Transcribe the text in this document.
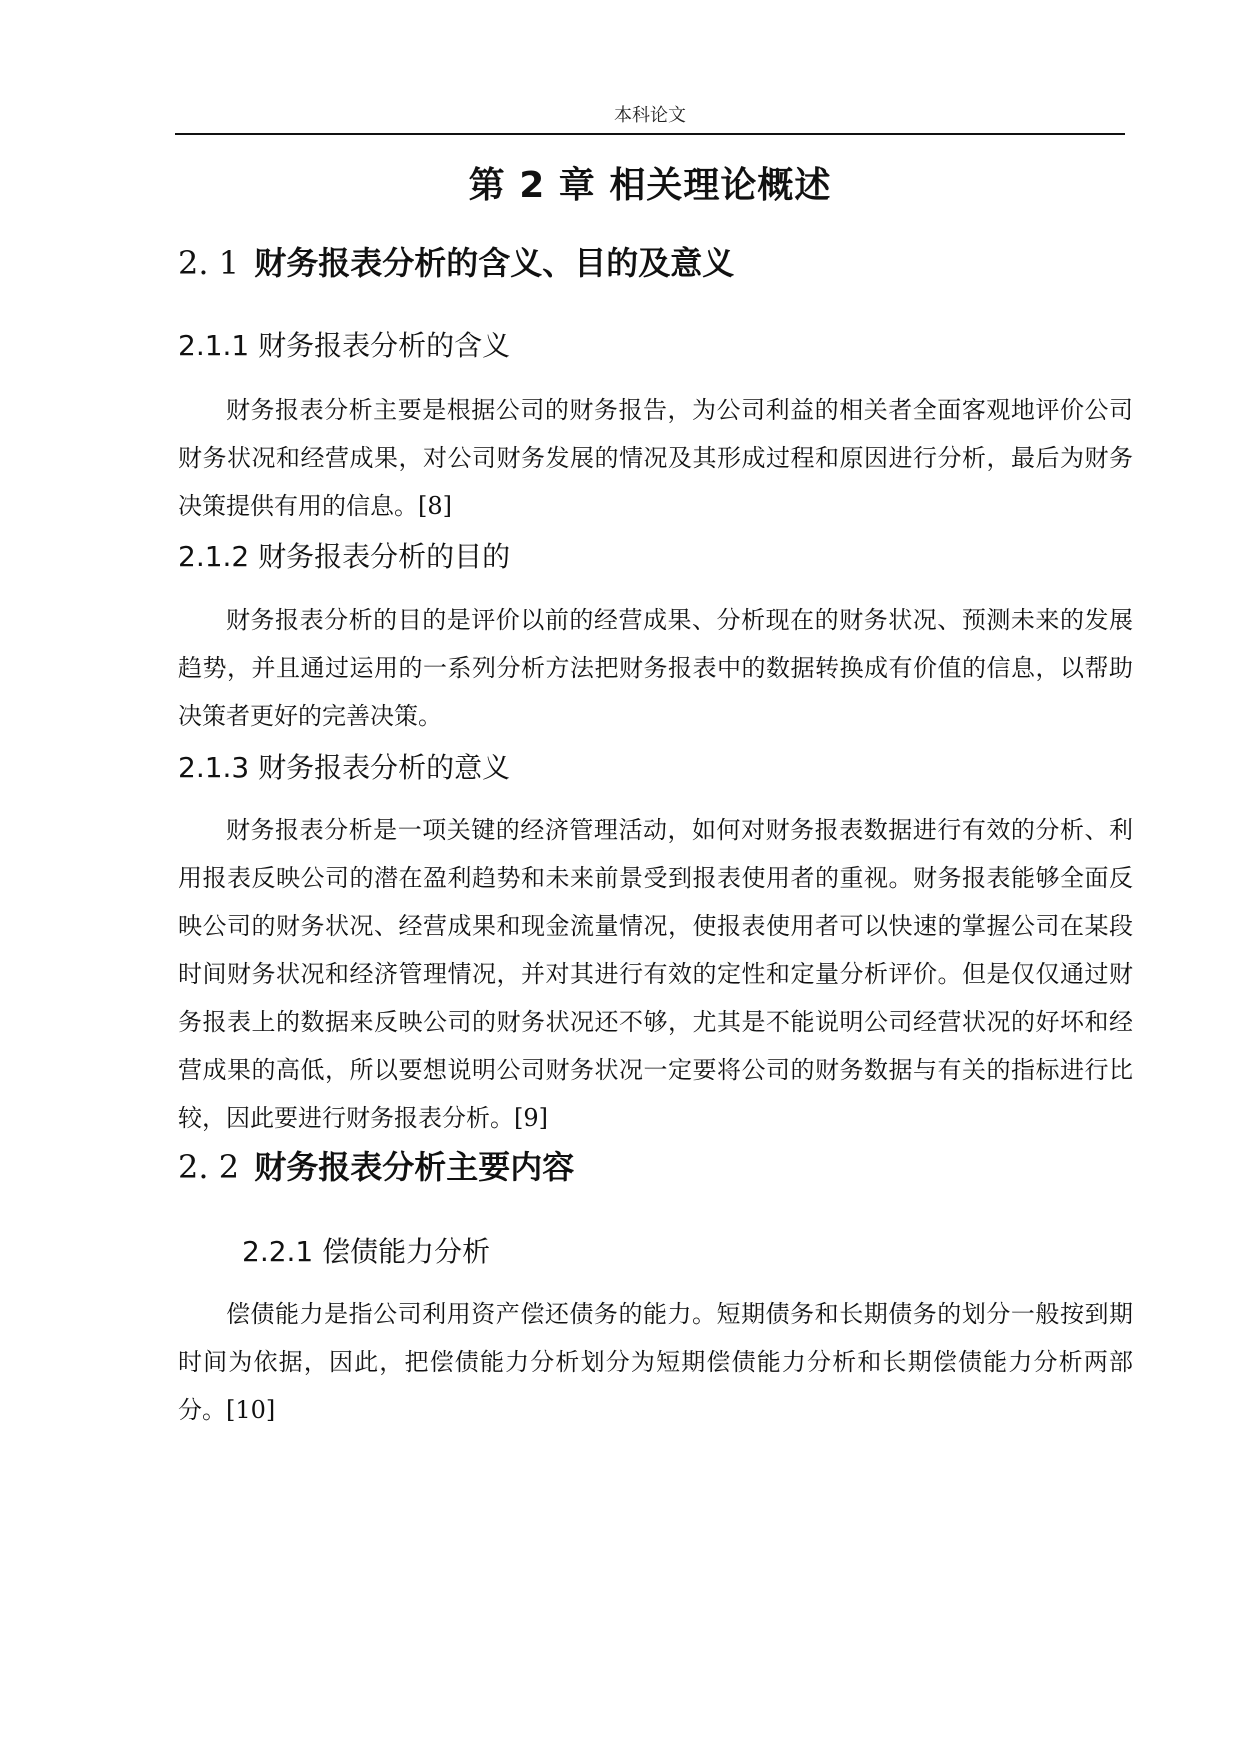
本科论文
第 2 章 相关理论概述
2. 1 财务报表分析的含义、目的及意义
2.1.1 财务报表分析的含义
财务报表分析主要是根据公司的财务报告，为公司利益的相关者全面客观地评价公司财务状况和经营成果，对公司财务发展的情况及其形成过程和原因进行分析，最后为财务决策提供有用的信息。[8]
2.1.2 财务报表分析的目的
财务报表分析的目的是评价以前的经营成果、分析现在的财务状况、预测未来的发展趋势，并且通过运用的一系列分析方法把财务报表中的数据转换成有价值的信息，以帮助决策者更好的完善决策。
2.1.3 财务报表分析的意义
财务报表分析是一项关键的经济管理活动，如何对财务报表数据进行有效的分析、利用报表反映公司的潜在盈利趋势和未来前景受到报表使用者的重视。财务报表能够全面反映公司的财务状况、经营成果和现金流量情况，使报表使用者可以快速的掌握公司在某段时间财务状况和经济管理情况，并对其进行有效的定性和定量分析评价。但是仅仅通过财务报表上的数据来反映公司的财务状况还不够，尤其是不能说明公司经营状况的好坏和经营成果的高低，所以要想说明公司财务状况一定要将公司的财务数据与有关的指标进行比较，因此要进行财务报表分析。[9]
2. 2 财务报表分析主要内容
2.2.1 偿债能力分析
偿债能力是指公司利用资产偿还债务的能力。短期债务和长期债务的划分一般按到期时间为依据，因此，把偿债能力分析划分为短期偿债能力分析和长期偿债能力分析两部分。[10]
